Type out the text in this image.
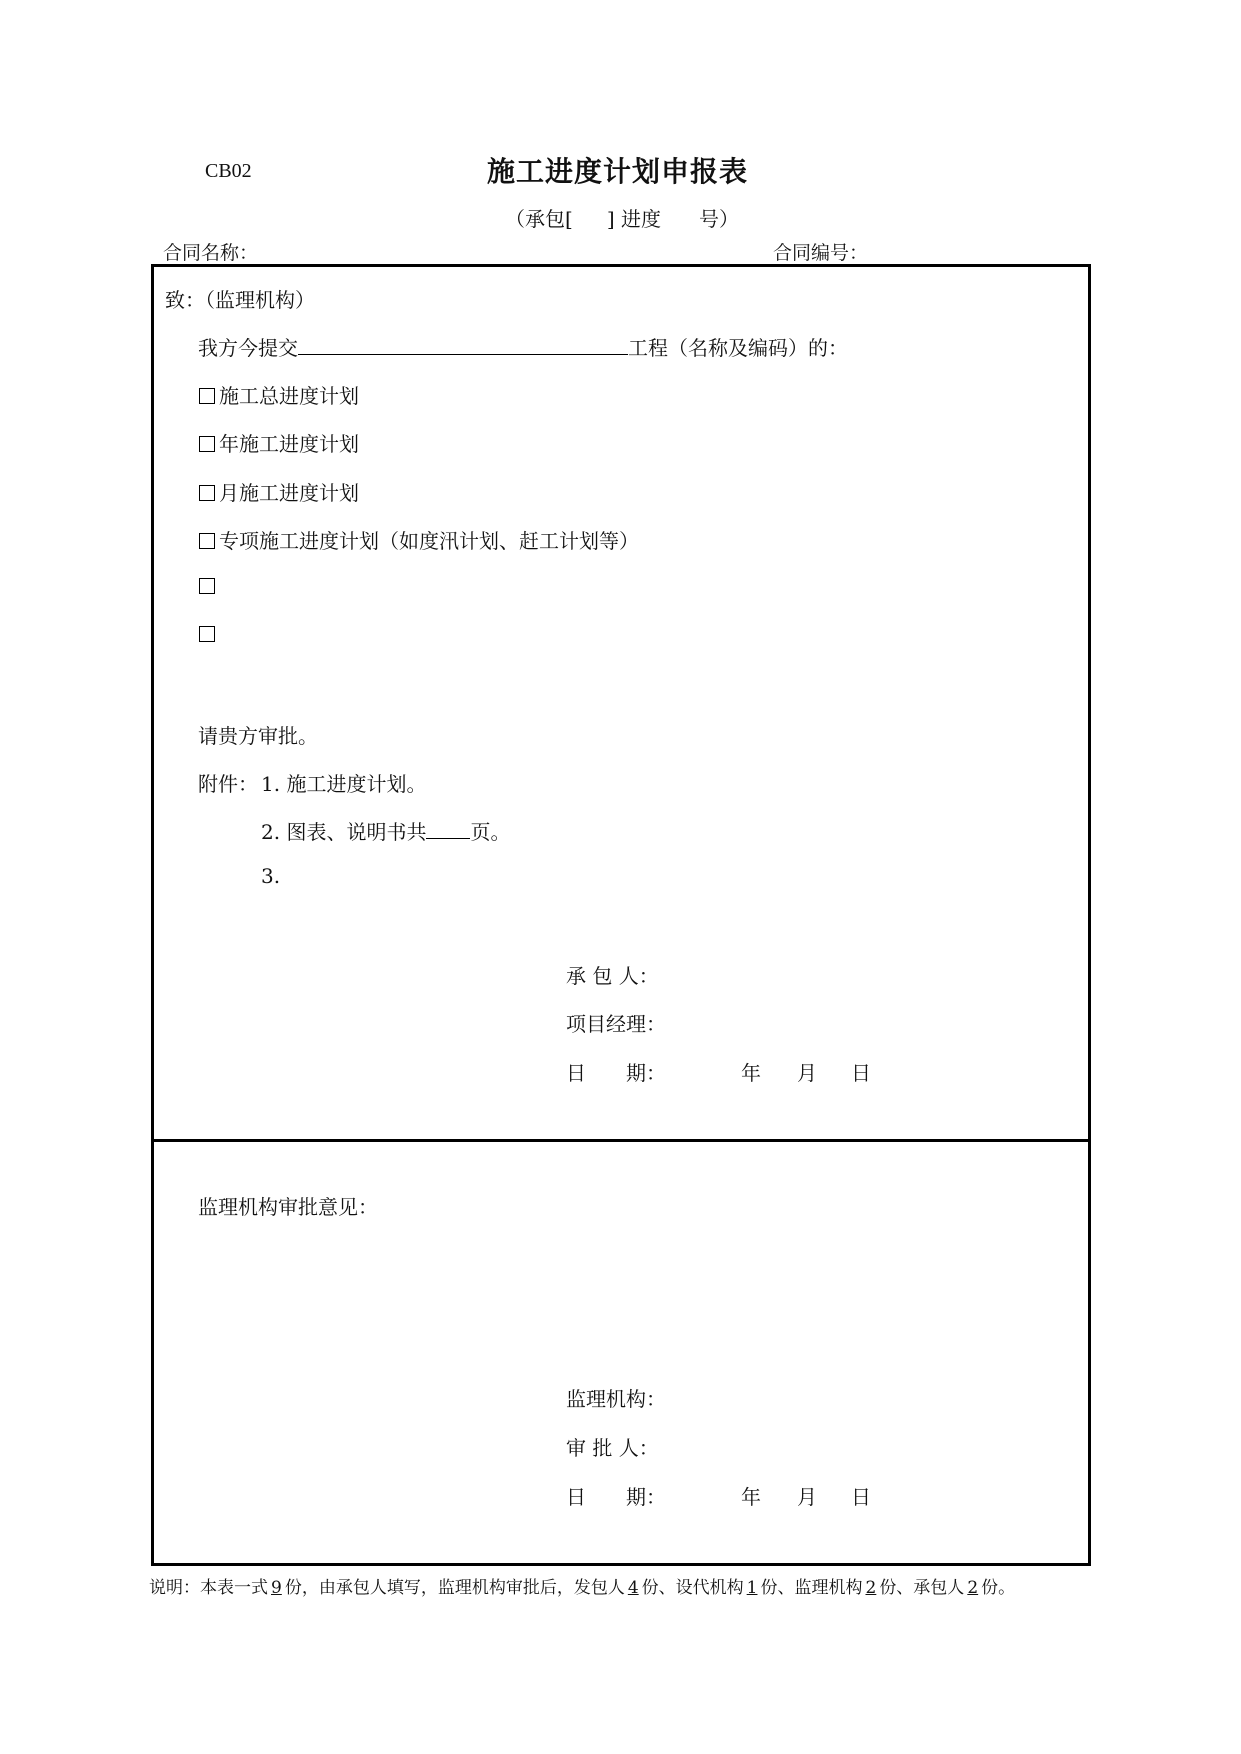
CB02	施工进度计划申报表
（承包[ ] 进度 号）
合同名称：	合同编号：
致：（监理机构）
我方今提交	工程（名称及编码）的：
施工总进度计划
年施工进度计划
月施工进度计划
专项施工进度计划（如度汛计划、赶工计划等）
请贵方审批。
附件： 1. 施工进度计划。
2. 图表、说明书共 页。
3.
承 包 人：
项目经理：
日　　期：	年 月 日
监理机构审批意见：
监理机构：
审 批 人：
日　　期：	年 月 日
说明：本表一式 9 份，由承包人填写，监理机构审批后，发包人 4 份、设代机构 1 份、监理机构 2 份、承包人 2 份。
